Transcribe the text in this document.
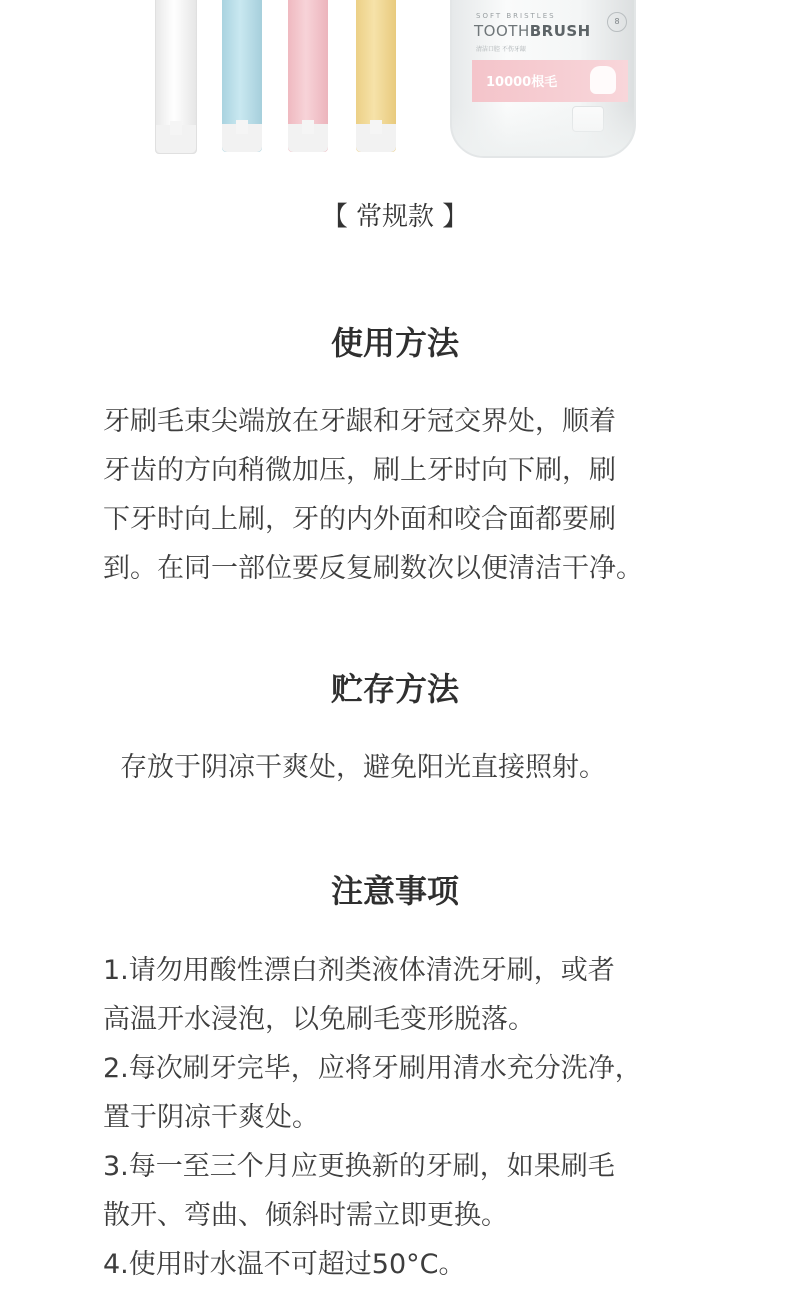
SOFT BRISTLES
TOOTHBRUSH
清洁口腔 不伤牙龈
8
10000根毛
【 常规款 】
使用方法
牙刷毛束尖端放在牙龈和牙冠交界处，顺着
牙齿的方向稍微加压，刷上牙时向下刷，刷
下牙时向上刷，牙的内外面和咬合面都要刷
到。在同一部位要反复刷数次以便清洁干净。
贮存方法
存放于阴凉干爽处，避免阳光直接照射。
注意事项
1.请勿用酸性漂白剂类液体清洗牙刷，或者
高温开水浸泡，以免刷毛变形脱落。
2.每次刷牙完毕，应将牙刷用清水充分洗净，
置于阴凉干爽处。
3.每一至三个月应更换新的牙刷，如果刷毛
散开、弯曲、倾斜时需立即更换。
4.使用时水温不可超过50°C。
